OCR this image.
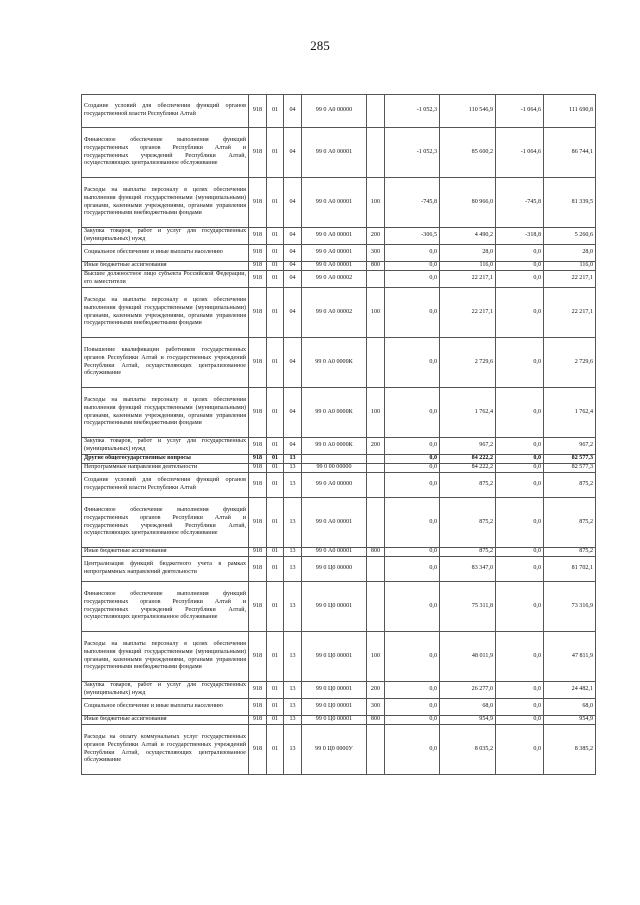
285
Создание условий для обеспечения функций органов государственной власти Республики Алтай	918	01	04	99 0 А0 00000		-1 052,3	110 546,9	-1 064,6	111 690,8
Финансовое обеспечение выполнения функций государственных органов Республики Алтай и государственных учреждений Республики Алтай, осуществляющих централизованное обслуживание	918	01	04	99 0 А0 00001		-1 052,3	85 600,2	-1 064,6	86 744,1
Расходы на выплаты персоналу в целях обеспечения выполнения функций государственными (муниципальными) органами, казенными учреждениями, органами управления государственными внебюджетными фондами	918	01	04	99 0 А0 00001	100	-745,8	80 966,0	-745,8	81 339,5
Закупка товаров, работ и услуг для государственных (муниципальных) нужд	918	01	04	99 0 А0 00001	200	-306,5	4 490,2	-318,8	5 260,6
Социальное обеспечение и иные выплаты населению	918	01	04	99 0 А0 00001	300	0,0	28,0	0,0	28,0
Иные бюджетные ассигнования	918	01	04	99 0 А0 00001	800	0,0	116,0	0,0	116,0
Высшее должностное лицо субъекта Российской Федерации, его заместители	918	01	04	99 0 А0 00002		0,0	22 217,1	0,0	22 217,1
Расходы на выплаты персоналу в целях обеспечения выполнения функций государственными (муниципальными) органами, казенными учреждениями, органами управления государственными внебюджетными фондами	918	01	04	99 0 А0 00002	100	0,0	22 217,1	0,0	22 217,1
Повышение квалификации работников государственных органов Республики Алтай и государственных учреждений Республики Алтай, осуществляющих централизованное обслуживание	918	01	04	99 0 А0 0000К		0,0	2 729,6	0,0	2 729,6
Расходы на выплаты персоналу в целях обеспечения выполнения функций государственными (муниципальными) органами, казенными учреждениями, органами управления государственными внебюджетными фондами	918	01	04	99 0 А0 0000К	100	0,0	1 762,4	0,0	1 762,4
Закупка товаров, работ и услуг для государственных (муниципальных) нужд	918	01	04	99 0 А0 0000К	200	0,0	967,2	0,0	967,2
Другие общегосударственные вопросы	918	01	13			0,0	84 222,2	0,0	82 577,3
Непрограммные направления деятельности	918	01	13	99 0 00 00000		0,0	84 222,2	0,0	82 577,3
Создание условий для обеспечения функций органов государственной власти Республики Алтай	918	01	13	99 0 А0 00000		0,0	875,2	0,0	875,2
Финансовое обеспечение выполнения функций государственных органов Республики Алтай и государственных учреждений Республики Алтай, осуществляющих централизованное обслуживание	918	01	13	99 0 А0 00001		0,0	875,2	0,0	875,2
Иные бюджетные ассигнования	918	01	13	99 0 А0 00001	800	0,0	875,2	0,0	875,2
Централизация функций бюджетного учета в рамках непрограммных направлений деятельности	918	01	13	99 0 Ц0 00000		0,0	83 347,0	0,0	81 702,1
Финансовое обеспечение выполнения функций государственных органов Республики Алтай и государственных учреждений Республики Алтай, осуществляющих централизованное обслуживание	918	01	13	99 0 Ц0 00001		0,0	75 311,8	0,0	73 316,9
Расходы на выплаты персоналу в целях обеспечения выполнения функций государственными (муниципальными) органами, казенными учреждениями, органами управления государственными внебюджетными фондами	918	01	13	99 0 Ц0 00001	100	0,0	48 011,9	0,0	47 811,9
Закупка товаров, работ и услуг для государственных (муниципальных) нужд	918	01	13	99 0 Ц0 00001	200	0,0	26 277,0	0,0	24 482,1
Социальное обеспечение и иные выплаты населению	918	01	13	99 0 Ц0 00001	300	0,0	68,0	0,0	68,0
Иные бюджетные ассигнования	918	01	13	99 0 Ц0 00001	800	0,0	954,9	0,0	954,9
Расходы на оплату коммунальных услуг государственных органов Республики Алтай и государственных учреждений Республики Алтай, осуществляющих централизованное обслуживание	918	01	13	99 0 Ц0 0000У		0,0	8 035,2	0,0	8 385,2
